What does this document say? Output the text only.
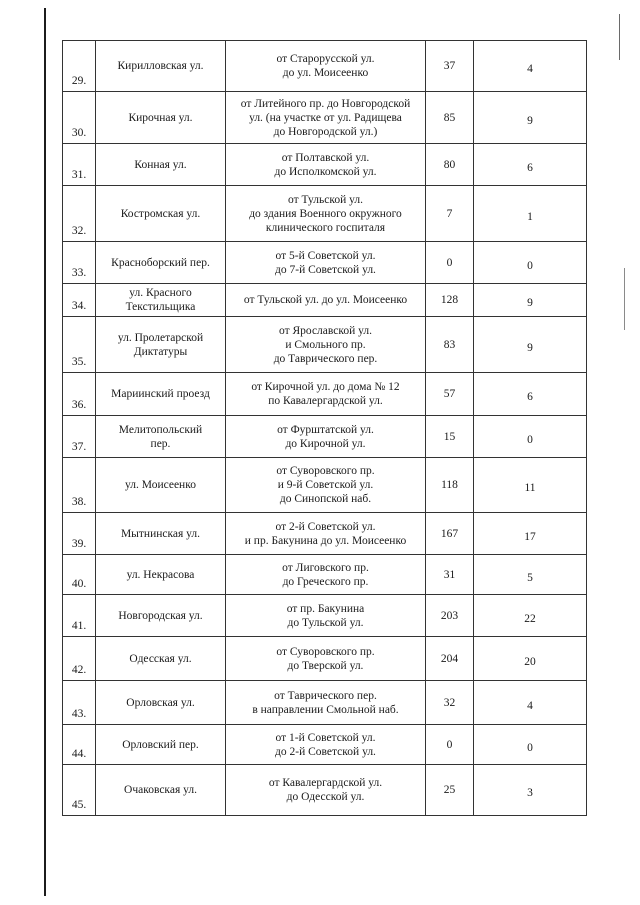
29.	Кирилловская ул.	от Старорусской ул.
до ул. Моисеенко	37	4
30.	Кирочная ул.	от Литейного пр. до Новгородской
ул. (на участке от ул. Радищева
до Новгородской ул.)	85	9
31.	Конная ул.	от Полтавской ул.
до Исполкомской ул.	80	6
32.	Костромская ул.	от Тульской ул.
до здания Военного окружного
клинического госпиталя	7	1
33.	Красноборский пер.	от 5-й Советской ул.
до 7-й Советской ул.	0	0
34.	ул. Красного
Текстильщика	от Тульской ул. до ул. Моисеенко	128	9
35.	ул. Пролетарской
Диктатуры	от Ярославской ул.
и Смольного пр.
до Таврического пер.	83	9
36.	Мариинский проезд	от Кирочной ул. до дома № 12
по Кавалергардской ул.	57	6
37.	Мелитопольский
пер.	от Фурштатской ул.
до Кирочной ул.	15	0
38.	ул. Моисеенко	от Суворовского пр.
и 9-й Советской ул.
до Синопской наб.	118	11
39.	Мытнинская ул.	от 2-й Советской ул.
и пр. Бакунина до ул. Моисеенко	167	17
40.	ул. Некрасова	от Лиговского пр.
до Греческого пр.	31	5
41.	Новгородская ул.	от пр. Бакунина
до Тульской ул.	203	22
42.	Одесская ул.	от Суворовского пр.
до Тверской ул.	204	20
43.	Орловская ул.	от Таврического пер.
в направлении Смольной наб.	32	4
44.	Орловский пер.	от 1-й Советской ул.
до 2-й Советской ул.	0	0
45.	Очаковская ул.	от Кавалергардской ул.
до Одесской ул.	25	3
